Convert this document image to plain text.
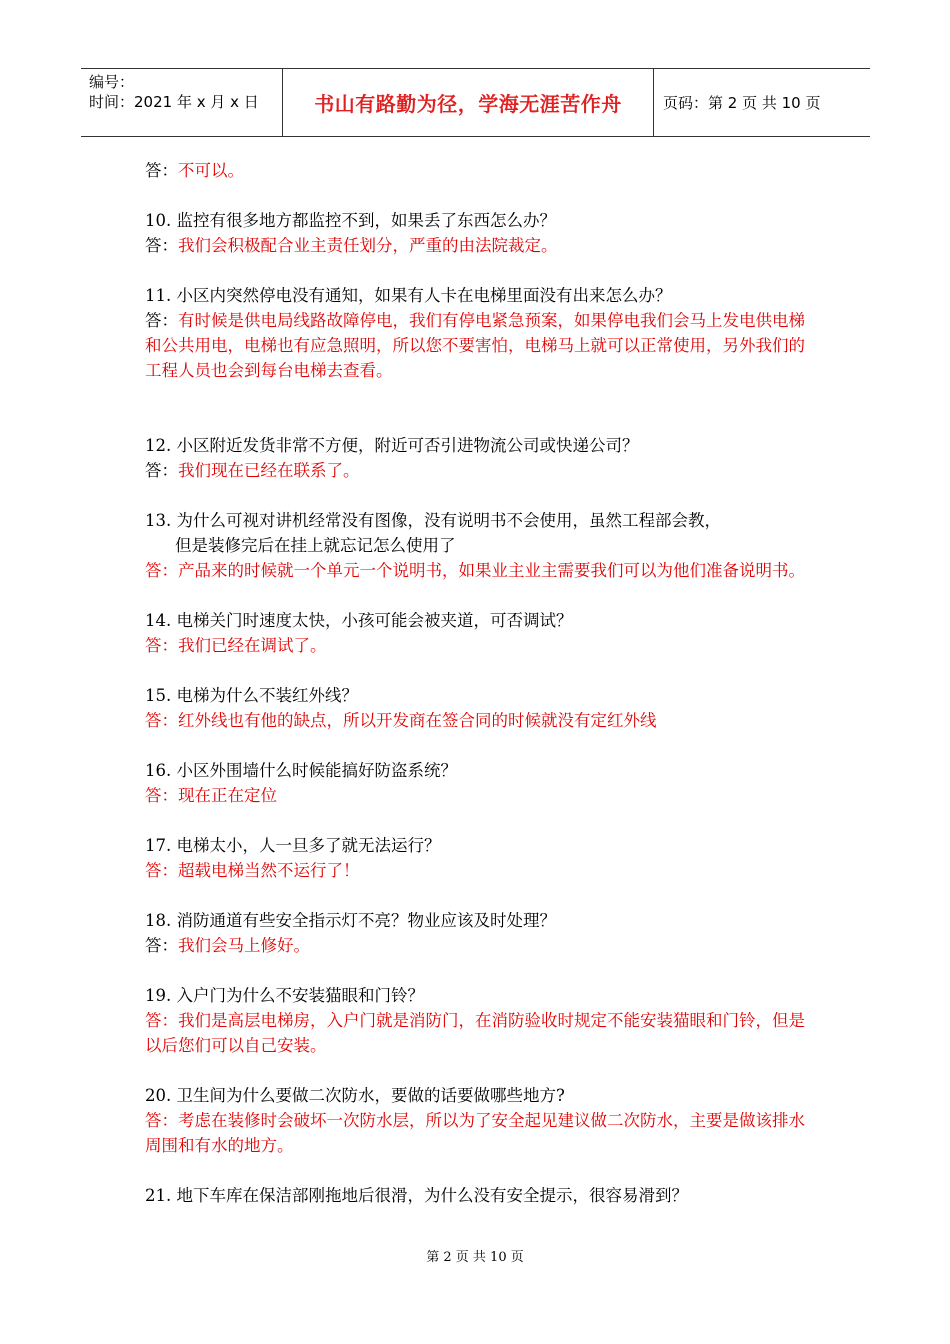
编号：
时间：2021 年 x 月 x 日	书山有路勤为径，学海无涯苦作舟	页码：第 2 页 共 10 页
答：不可以。
10. 监控有很多地方都监控不到，如果丢了东西怎么办？
答：我们会积极配合业主责任划分，严重的由法院裁定。
11. 小区内突然停电没有通知，如果有人卡在电梯里面没有出来怎么办？
答：有时候是供电局线路故障停电，我们有停电紧急预案，如果停电我们会马上发电供电梯和公共用电，电梯也有应急照明，所以您不要害怕，电梯马上就可以正常使用，另外我们的工程人员也会到每台电梯去查看。
12. 小区附近发货非常不方便，附近可否引进物流公司或快递公司？
答：我们现在已经在联系了。
13. 为什么可视对讲机经常没有图像，没有说明书不会使用，虽然工程部会教，
但是装修完后在挂上就忘记怎么使用了
答：产品来的时候就一个单元一个说明书，如果业主业主需要我们可以为他们准备说明书。
14. 电梯关门时速度太快，小孩可能会被夹道，可否调试？
答：我们已经在调试了。
15. 电梯为什么不装红外线？
答：红外线也有他的缺点，所以开发商在签合同的时候就没有定红外线
16. 小区外围墙什么时候能搞好防盗系统？
答：现在正在定位
17. 电梯太小，人一旦多了就无法运行？
答：超载电梯当然不运行了！
18. 消防通道有些安全指示灯不亮？物业应该及时处理？
答：我们会马上修好。
19. 入户门为什么不安装猫眼和门铃？
答：我们是高层电梯房，入户门就是消防门，在消防验收时规定不能安装猫眼和门铃，但是以后您们可以自己安装。
20. 卫生间为什么要做二次防水，要做的话要做哪些地方?
答：考虑在装修时会破坏一次防水层，所以为了安全起见建议做二次防水，主要是做该排水周围和有水的地方。
21. 地下车库在保洁部刚拖地后很滑，为什么没有安全提示，很容易滑到？
第 2 页 共 10 页
